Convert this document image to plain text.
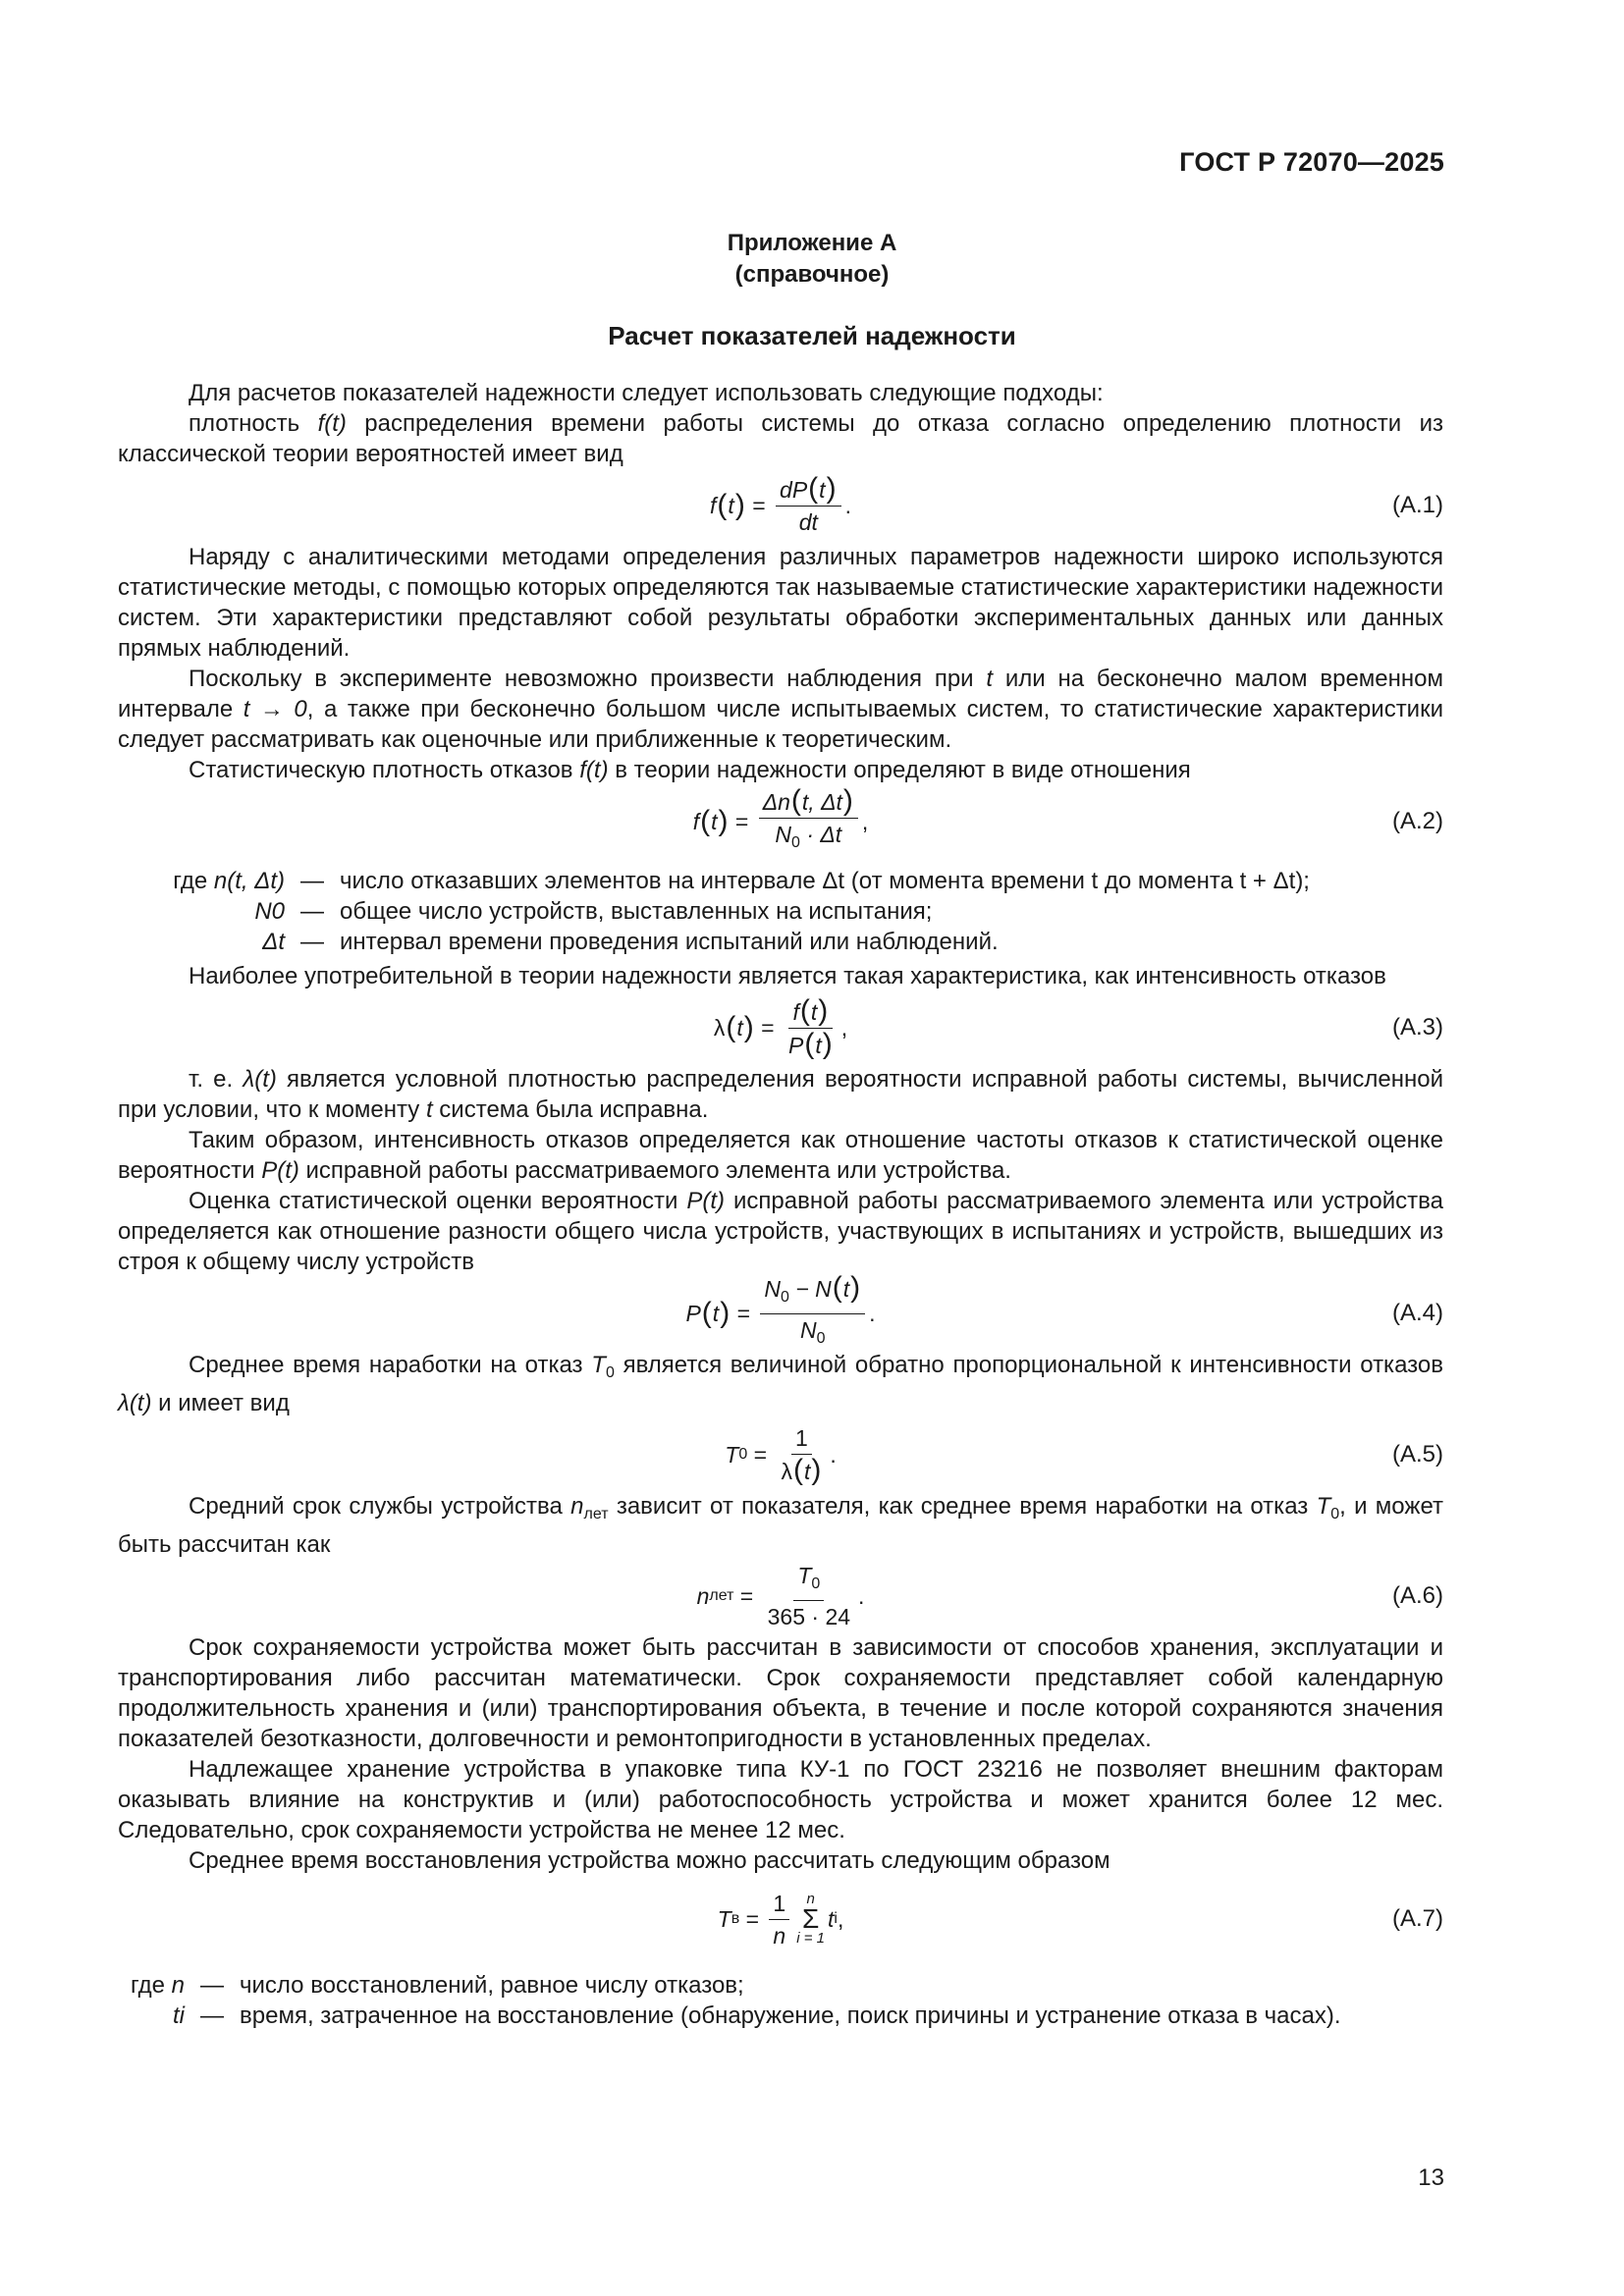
ГОСТ Р 72070—2025
Приложение А
(справочное)
Расчет показателей надежности

Для расчетов показателей надежности следует использовать следующие подходы:

плотность f(t) распределения времени работы системы до отказа согласно определению плотности из классической теории вероятностей имеет вид

f ( t ) = $\frac{dP(t)}{dt}$ .	(A.1)

Наряду с аналитическими методами определения различных параметров надежности широко используются статистические методы, с помощью которых определяются так называемые статистические характеристики надежности систем. Эти характеристики представляют собой результаты обработки экспериментальных данных или данных прямых наблюдений.

Поскольку в эксперименте невозможно произвести наблюдения при t или на бесконечно малом временном интервале t → 0, а также при бесконечно большом числе испытываемых систем, то статистические характеристики следует рассматривать как оценочные или приближенные к теоретическим.

Статистическую плотность отказов f(t) в теории надежности определяют в виде отношения

f ( t ) = $\frac{\Delta n(t, \Delta t)}{N_0 \cdot \Delta t}$ ,	(A.2)
где n(t, Δt) — число отказавших элементов на интервале Δt (от момента времени t до момента t + Δt);
N0 — общее число устройств, выставленных на испытания;
Δt — интервал времени проведения испытаний или наблюдений.

Наиболее употребительной в теории надежности является такая характеристика, как интенсивность отказов

λ ( t ) = $\frac{f(t)}{P(t)}$ ,	(A.3)

т. е. λ(t) является условной плотностью распределения вероятности исправной работы системы, вычисленной при условии, что к моменту t система была исправна.

Таким образом, интенсивность отказов определяется как отношение частоты отказов к статистической оценке вероятности P(t) исправной работы рассматриваемого элемента или устройства.

Оценка статистической оценки вероятности P(t) исправной работы рассматриваемого элемента или устройства определяется как отношение разности общего числа устройств, участвующих в испытаниях и устройств, вышедших из строя к общему числу устройств

P ( t ) = $\frac{N_0 - N(t)}{N_0}$ .	(A.4)

Среднее время наработки на отказ $T_0$ является величиной обратно пропорциональной к интенсивности отказов λ(t) и имеет вид

T $0 = \frac{1}{\lambda(t)}$ .	(A.5)

Средний срок службы устройства $n_{лет}$ зависит от показателя, как среднее время наработки на отказ $T_0$, и может быть рассчитан как

n лет = $\frac{T_0}{365 \cdot 24}$ .	(A.6)

Срок сохраняемости устройства может быть рассчитан в зависимости от способов хранения, эксплуатации и транспортирования либо рассчитан математически. Срок сохраняемости представляет собой календарную продолжительность хранения и (или) транспортирования объекта, в течение и после которой сохраняются значения показателей безотказности, долговечности и ремонтопригодности в установленных пределах.

Надлежащее хранение устройства в упаковке типа КУ-1 по ГОСТ 23216 не позволяет внешним факторам оказывать влияние на конструктив и (или) работоспособность устройства и может хранится более 12 мес. Следовательно, срок сохраняемости устройства не менее 12 мес.

Среднее время восстановления устройства можно рассчитать следующим образом

T $в = \frac{1}{n}$ n
Σ
i = 1
t i ,	(A.7)
где n — число восстановлений, равное числу отказов;
ti — время, затраченное на восстановление (обнаружение, поиск причины и устранение отказа в часах).
13
